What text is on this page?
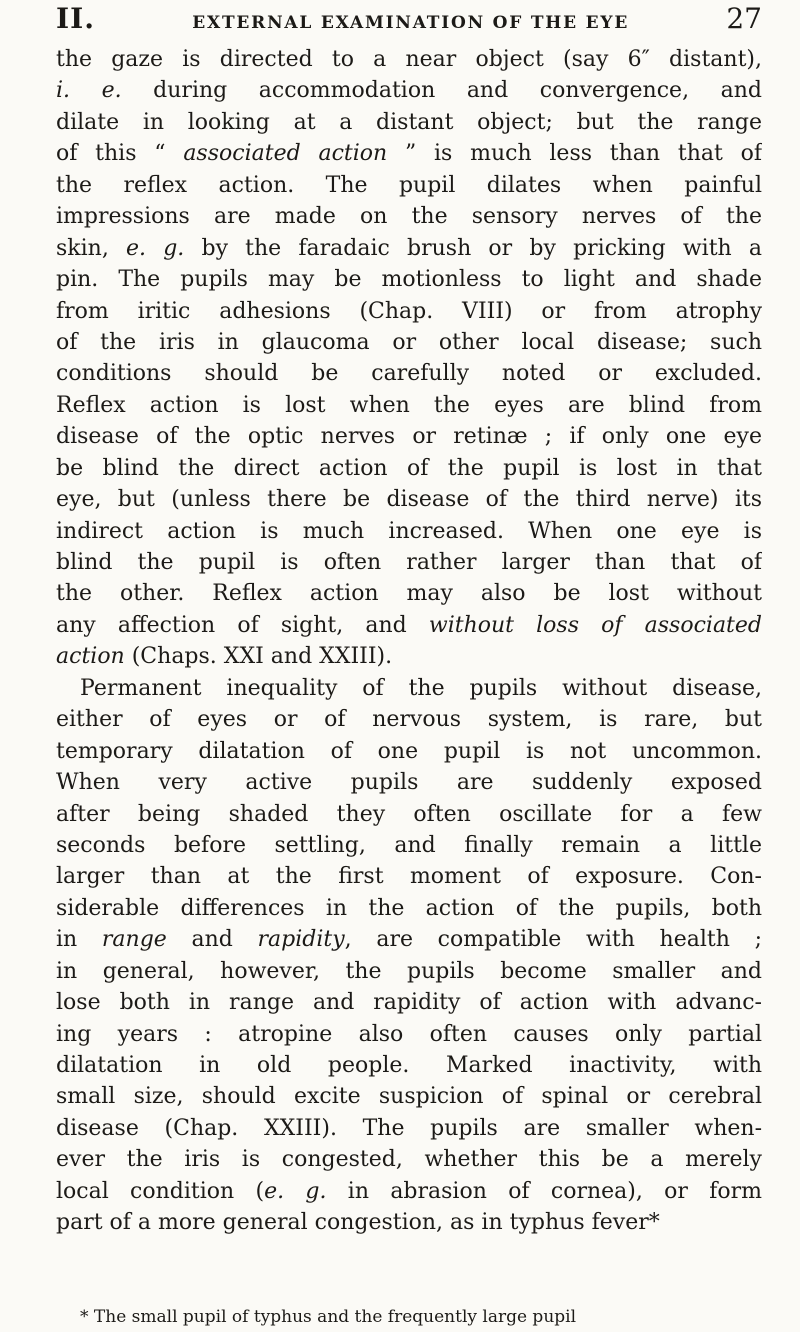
II.	EXTERNAL EXAMINATION OF THE EYE	27
the gaze is directed to a near object (say 6″ distant),
i. e. during accommodation and convergence, and
dilate in looking at a distant object; but the range
of this “ associated action ” is much less than that of
the reflex action. The pupil dilates when painful
impressions are made on the sensory nerves of the
skin, e. g. by the faradaic brush or by pricking with a
pin. The pupils may be motionless to light and shade
from iritic adhesions (Chap. VIII) or from atrophy
of the iris in glaucoma or other local disease; such
conditions should be carefully noted or excluded.
Reflex action is lost when the eyes are blind from
disease of the optic nerves or retinæ ; if only one eye
be blind the direct action of the pupil is lost in that
eye, but (unless there be disease of the third nerve) its
indirect action is much increased. When one eye is
blind the pupil is often rather larger than that of
the other. Reflex action may also be lost without
any affection of sight, and without loss of associated
action (Chaps. XXI and XXIII).
Permanent inequality of the pupils without disease,
either of eyes or of nervous system, is rare, but
temporary dilatation of one pupil is not uncommon.
When very active pupils are suddenly exposed
after being shaded they often oscillate for a few
seconds before settling, and finally remain a little
larger than at the first moment of exposure. Con-
siderable differences in the action of the pupils, both
in range and rapidity, are compatible with health ;
in general, however, the pupils become smaller and
lose both in range and rapidity of action with advanc-
ing years : atropine also often causes only partial
dilatation in old people. Marked inactivity, with
small size, should excite suspicion of spinal or cerebral
disease (Chap. XXIII). The pupils are smaller when-
ever the iris is congested, whether this be a merely
local condition (e. g. in abrasion of cornea), or form
part of a more general congestion, as in typhus fever*
* The small pupil of typhus and the frequently large pupil
